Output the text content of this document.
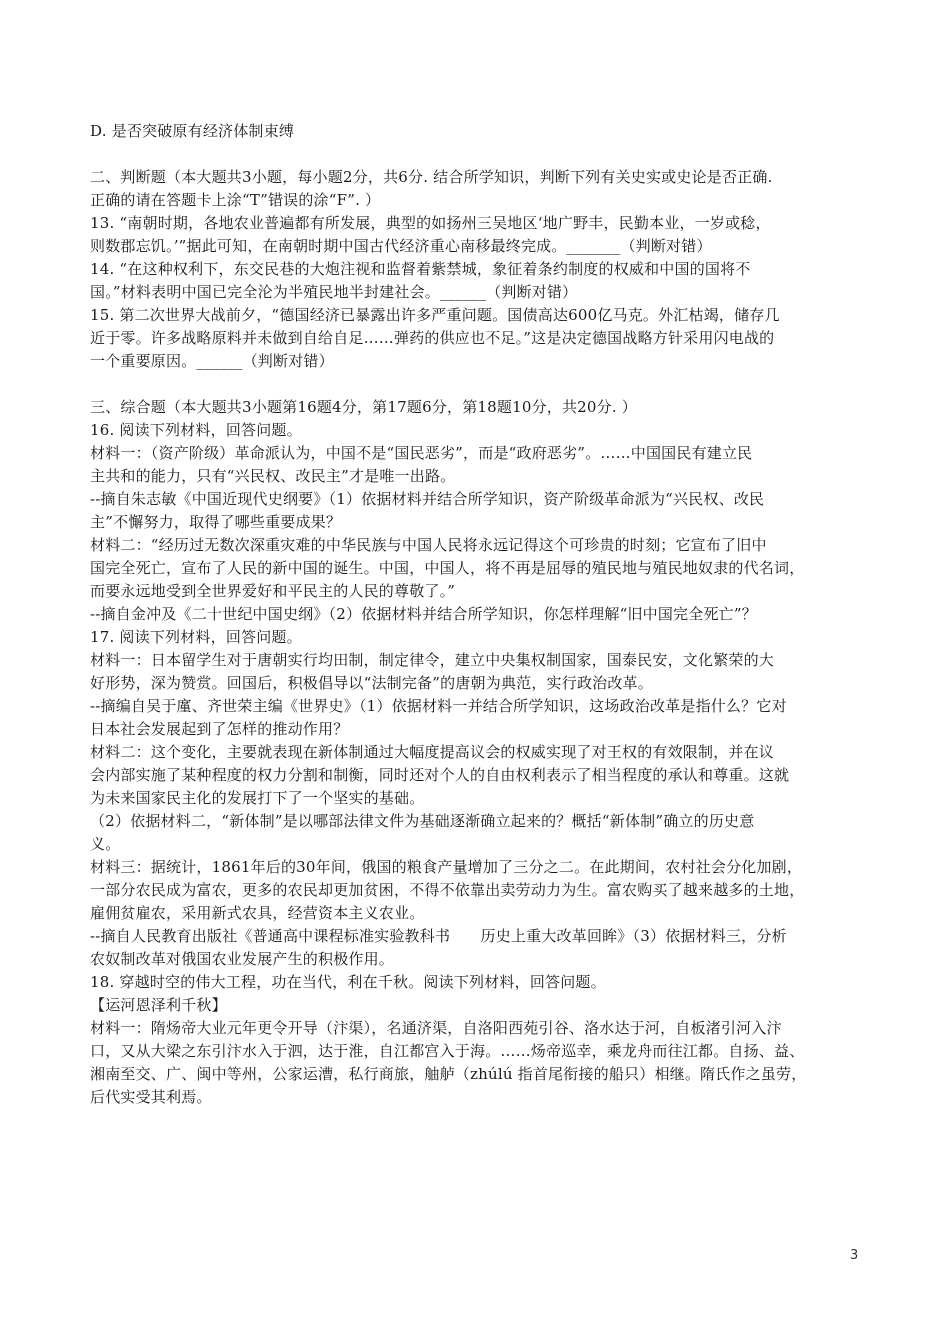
D. 是否突破原有经济体制束缚
二、判断题（本大题共3小题，每小题2分，共6分. 结合所学知识，判断下列有关史实或史论是否正确.
正确的请在答题卡上涂“T”错误的涂“F”. ）
13. “南朝时期，各地农业普遍都有所发展，典型的如扬州三吴地区‘地广野丰，民勤本业，一岁或稔，
则数郡忘饥。’”据此可知，在南朝时期中国古代经济重心南移最终完成。_______（判断对错）
14. “在这种权利下，东交民巷的大炮注视和监督着紫禁城，象征着条约制度的权威和中国的国将不
国。”材料表明中国已完全沦为半殖民地半封建社会。______（判断对错）
15. 第二次世界大战前夕，“德国经济已暴露出许多严重问题。国债高达600亿马克。外汇枯竭，储存几
近于零。许多战略原料并未做到自给自足……弹药的供应也不足。”这是决定德国战略方针采用闪电战的
一个重要原因。______（判断对错）
三、综合题（本大题共3小题第16题4分，第17题6分，第18题10分，共20分. ）
16. 阅读下列材料，回答问题。
材料一：（资产阶级）革命派认为，中国不是“国民恶劣”，而是“政府恶劣”。……中国国民有建立民
主共和的能力，只有“兴民权、改民主”才是唯一出路。
--摘自朱志敏《中国近现代史纲要》（1）依据材料并结合所学知识，资产阶级革命派为“兴民权、改民
主”不懈努力，取得了哪些重要成果？
材料二：“经历过无数次深重灾难的中华民族与中国人民将永远记得这个可珍贵的时刻；它宣布了旧中
国完全死亡，宣布了人民的新中国的诞生。中国，中国人，将不再是屈辱的殖民地与殖民地奴隶的代名词，
而要永远地受到全世界爱好和平民主的人民的尊敬了。”
--摘自金冲及《二十世纪中国史纲》（2）依据材料并结合所学知识，你怎样理解“旧中国完全死亡”？
17. 阅读下列材料，回答问题。
材料一：日本留学生对于唐朝实行均田制，制定律令，建立中央集权制国家，国泰民安，文化繁荣的大
好形势，深为赞赏。回国后，积极倡导以“法制完备”的唐朝为典范，实行政治改革。
--摘编自吴于廑、齐世荣主编《世界史》（1）依据材料一并结合所学知识，这场政治改革是指什么？它对
日本社会发展起到了怎样的推动作用？
材料二：这个变化，主要就表现在新体制通过大幅度提高议会的权威实现了对王权的有效限制，并在议
会内部实施了某种程度的权力分割和制衡，同时还对个人的自由权利表示了相当程度的承认和尊重。这就
为未来国家民主化的发展打下了一个坚实的基础。
（2）依据材料二，“新体制”是以哪部法律文件为基础逐渐确立起来的？概括“新体制”确立的历史意
义。
材料三：据统计，1861年后的30年间，俄国的粮食产量增加了三分之二。在此期间，农村社会分化加剧，
一部分农民成为富农，更多的农民却更加贫困，不得不依靠出卖劳动力为生。富农购买了越来越多的土地，
雇佣贫雇农，采用新式农具，经营资本主义农业。
--摘自人民教育出版社《普通高中课程标准实验教科书　　历史上重大改革回眸》（3）依据材料三，分析
农奴制改革对俄国农业发展产生的积极作用。
18. 穿越时空的伟大工程，功在当代，利在千秋。阅读下列材料，回答问题。
【运河恩泽利千秋】
材料一：隋炀帝大业元年更令开导（汴渠），名通济渠，自洛阳西苑引谷、洛水达于河，自板渚引河入汴
口，又从大梁之东引汴水入于泗，达于淮，自江都宫入于海。……炀帝巡幸，乘龙舟而往江都。自扬、益、
湘南至交、广、闽中等州，公家运漕，私行商旅，舳舻（zhúlú 指首尾衔接的船只）相继。隋氏作之虽劳，
后代实受其利焉。
3
